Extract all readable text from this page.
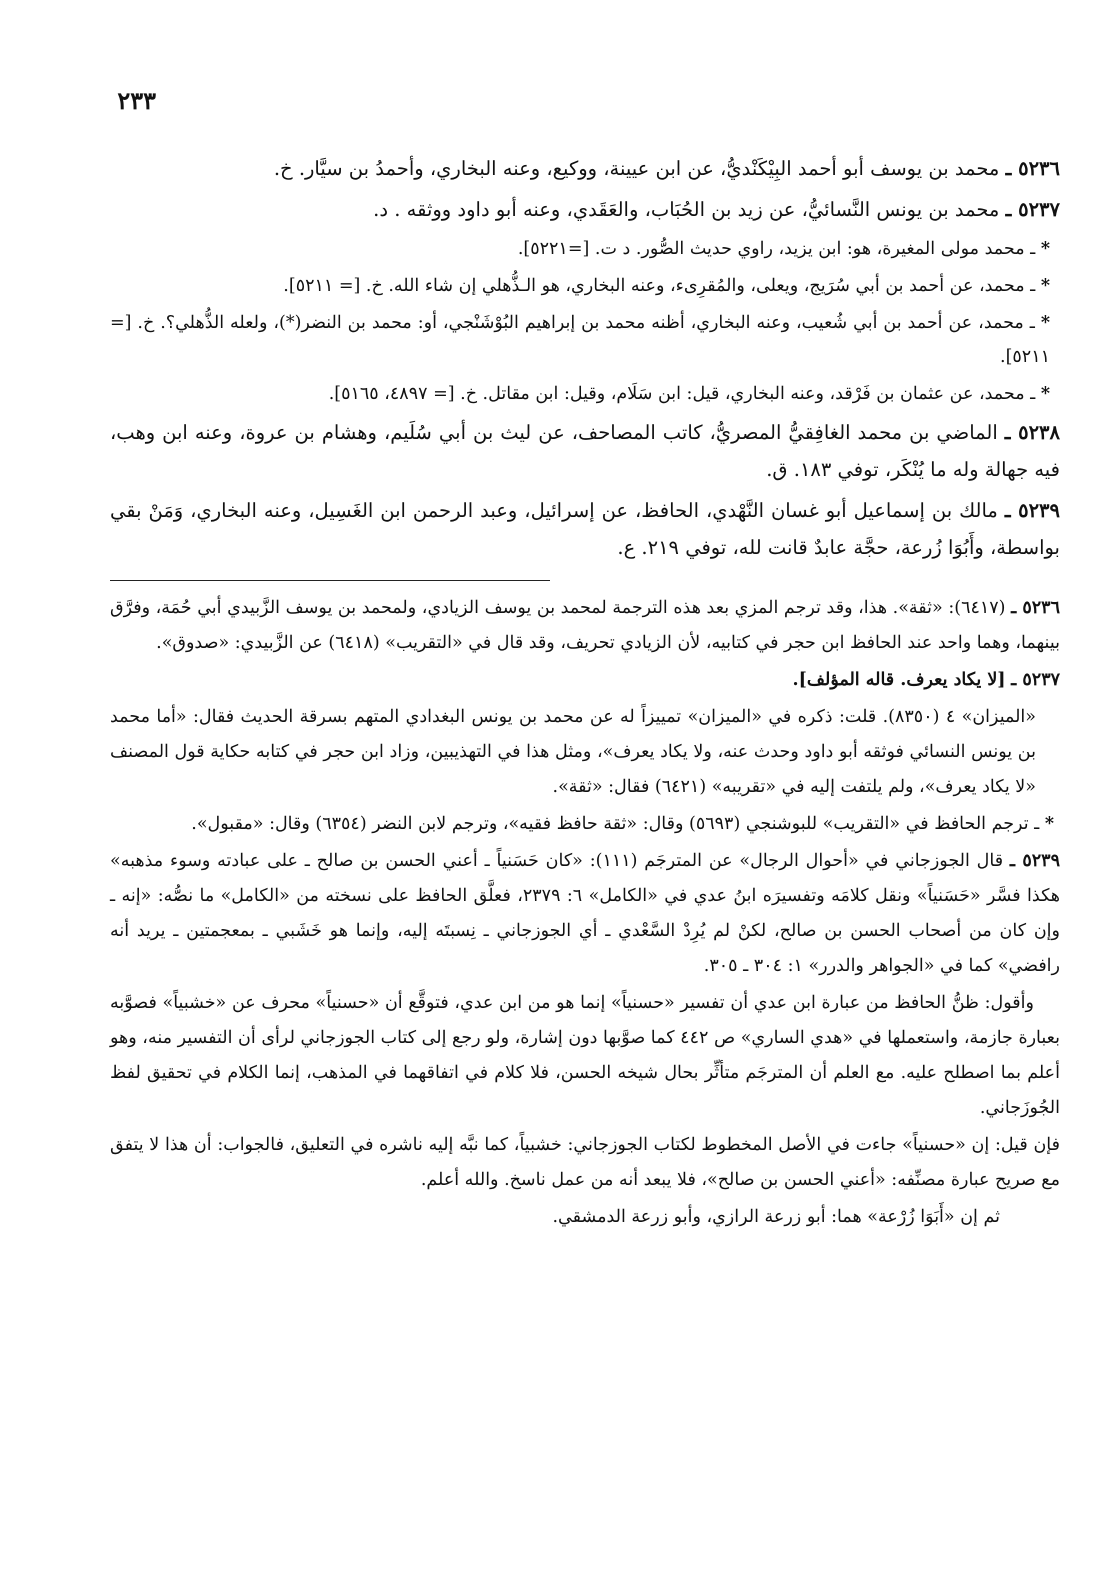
٢٣٣

٥٢٣٦ ـ محمد بن يوسف أبو أحمد البِيْكَنْديُّ، عن ابن عيينة، ووكيع، وعنه البخاري، وأحمدُ بن سيَّار. خ.

٥٢٣٧ ـ محمد بن يونس النَّسائيُّ، عن زيد بن الحُبَاب، والعَقَدي، وعنه أبو داود ووثقه . د.

* ـ محمد مولى المغيرة، هو: ابن يزيد، راوي حديث الصُّور. د ت. [=٥٢٢١].

* ـ محمد، عن أحمد بن أبي سُرَيج، ويعلى، والمُقرِىء، وعنه البخاري، هو الـذُّهلي إن شاء الله. خ. [= ٥٢١١].

* ـ محمد، عن أحمد بن أبي شُعيب، وعنه البخاري، أظنه محمد بن إبراهيم البُوْشَنْجي، أو: محمد بن النضر(*)، ولعله الذُّهلي؟. خ. [= ٥٢١١].

* ـ محمد، عن عثمان بن فَرْقد، وعنه البخاري، قيل: ابن سَلَام، وقيل: ابن مقاتل. خ. [= ٤٨٩٧، ٥١٦٥].

٥٢٣٨ ـ الماضي بن محمد الغافِقيُّ المصريُّ، كاتب المصاحف، عن ليث بن أبي سُلَيم، وهشام بن عروة، وعنه ابن وهب، فيه جهالة وله ما يُنْكَر، توفي ١٨٣. ق.

٥٢٣٩ ـ مالك بن إسماعيل أبو غسان النَّهْدي، الحافظ، عن إسرائيل، وعبد الرحمن ابن الغَسِيل، وعنه البخاري، وَمَنْ بقي بواسطة، وأَبُوَا زُرعة، حجَّة عابدٌ قانت لله، توفي ٢١٩. ع.

٥٢٣٦ ـ (٦٤١٧): «ثقة». هذا، وقد ترجم المزي بعد هذه الترجمة لمحمد بن يوسف الزيادي، ولمحمد بن يوسف الزَّبيدي أبي حُمَة، وفرَّق بينهما، وهما واحد عند الحافظ ابن حجر في كتابيه، لأن الزيادي تحريف، وقد قال في «التقريب» (٦٤١٨) عن الزَّبيدي: «صدوق».

٥٢٣٧ ـ [لا يكاد يعرف. قاله المؤلف].

«الميزان» ٤ (٨٣٥٠). قلت: ذكره في «الميزان» تمييزاً له عن محمد بن يونس البغدادي المتهم بسرقة الحديث فقال: «أما محمد بن يونس النسائي فوثقه أبو داود وحدث عنه، ولا يكاد يعرف»، ومثل هذا في التهذيبين، وزاد ابن حجر في كتابه حكاية قول المصنف «لا يكاد يعرف»، ولم يلتفت إليه في «تقريبه» (٦٤٢١) فقال: «ثقة».

* ـ ترجم الحافظ في «التقريب» للبوشنجي (٥٦٩٣) وقال: «ثقة حافظ فقيه»، وترجم لابن النضر (٦٣٥٤) وقال: «مقبول».

٥٢٣٩ ـ قال الجوزجاني في «أحوال الرجال» عن المترجَم (١١١): «كان حَسَنياً ـ أعني الحسن بن صالح ـ على عبادته وسوء مذهبه» هكذا فسَّر «حَسَنياً» ونقل كلامَه وتفسيرَه ابنُ عدي في «الكامل» ٦: ٢٣٧٩، فعلَّق الحافظ على نسخته من «الكامل» ما نصُّه: «إنه ـ وإن كان من أصحاب الحسن بن صالح، لكنْ لم يُرِدْ السَّعْدي ـ أي الجوزجاني ـ نِسبتَه إليه، وإنما هو خَشَبي ـ بمعجمتين ـ يريد أنه رافضي» كما في «الجواهر والدرر» ١: ٣٠٤ ـ ٣٠٥.

وأقول: ظنُّ الحافظ من عبارة ابن عدي أن تفسير «حسنياً» إنما هو من ابن عدي، فتوقَّع أن «حسنياً» محرف عن «خشبياً» فصوَّبه بعبارة جازمة، واستعملها في «هدي الساري» ص ٤٤٢ كما صوَّبها دون إشارة، ولو رجع إلى كتاب الجوزجاني لرأى أن التفسير منه، وهو أعلم بما اصطلح عليه. مع العلم أن المترجَم متأثِّر بحال شيخه الحسن، فلا كلام في اتفاقهما في المذهب، إنما الكلام في تحقيق لفظ الجُوزَجاني.

فإن قيل: إن «حسنياً» جاءت في الأصل المخطوط لكتاب الجوزجاني: خشبياً، كما نبَّه إليه ناشره في التعليق، فالجواب: أن هذا لا يتفق مع صريح عبارة مصنِّفه: «أعني الحسن بن صالح»، فلا يبعد أنه من عمل ناسخ. والله أعلم.

ثم إن «أَبَوَا زُرْعة» هما: أبو زرعة الرازي، وأبو زرعة الدمشقي.
